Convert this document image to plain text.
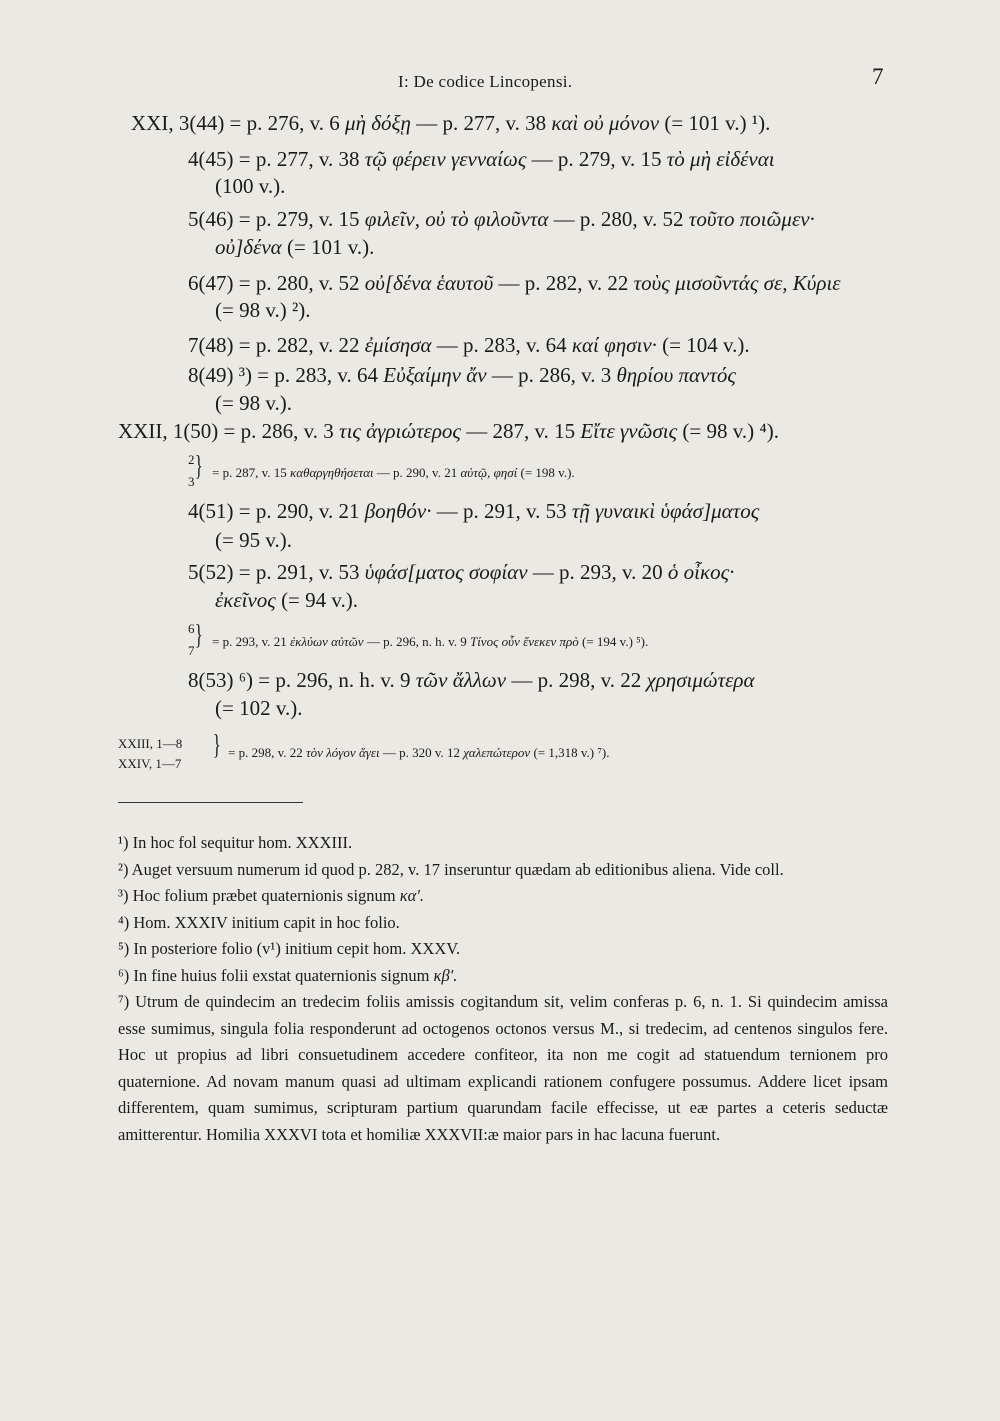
I: De codice Lincopensi.	7
XXI, 3(44) = p. 276, v. 6 μὴ δόξῃ — p. 277, v. 38 καὶ οὐ μόνον (= 101 v.) ¹).
4(45) = p. 277, v. 38 τῷ φέρειν γενναίως — p. 279, v. 15 τὸ μὴ εἰδέναι
(100 v.).
5(46) = p. 279, v. 15 φιλεῖν, οὐ τὸ φιλοῦντα — p. 280, v. 52 τοῦτο ποιῶμεν·
οὐ]δένα (= 101 v.).
6(47) = p. 280, v. 52 οὐ[δένα ἑαυτοῦ — p. 282, v. 22 τοὺς μισοῦντάς σε, Κύριε
(= 98 v.) ²).
7(48) = p. 282, v. 22 ἐμίσησα — p. 283, v. 64 καί φησιν· (= 104 v.).
8(49) ³) = p. 283, v. 64 Εὐξαίμην ἄν — p. 286, v. 3 θηρίου παντός
(= 98 v.).
XXII, 1(50) = p. 286, v. 3 τις ἀγριώτερος — 287, v. 15 Εἴτε γνῶσις (= 98 v.) ⁴).
2
3 } = p. 287, v. 15 καθαργηθήσεται — p. 290, v. 21 αὐτῷ, φησί (= 198 v.).
4(51) = p. 290, v. 21 βοηθόν· — p. 291, v. 53 τῇ γυναικὶ ὑφάσ]ματος
(= 95 v.).
5(52) = p. 291, v. 53 ὑφάσ[ματος σοφίαν — p. 293, v. 20 ὁ οἶκος·
ἐκεῖνος (= 94 v.).
6
7 } = p. 293, v. 21 ἐκλύων αὐτῶν — p. 296, n. h. v. 9 Τίνος οὖν ἕνεκεν πρὸ (= 194 v.) ⁵).
8(53) ⁶) = p. 296, n. h. v. 9 τῶν ἄλλων — p. 298, v. 22 χρησιμώτερα
(= 102 v.).
XXIII, 1—8
XXIV, 1—7
} = p. 298, v. 22 τὸν λόγον ἄγει — p. 320 v. 12 χαλεπώτερον (= 1,318 v.) ⁷).
¹) In hoc fol sequitur hom. XXXIII.
²) Auget versuum numerum id quod p. 282, v. 17 inseruntur quædam ab editionibus aliena. Vide coll.
³) Hoc folium præbet quaternionis signum κα'.
⁴) Hom. XXXIV initium capit in hoc folio.
⁵) In posteriore folio (v¹) initium cepit hom. XXXV.
⁶) In fine huius folii exstat quaternionis signum κβ'.
⁷) Utrum de quindecim an tredecim foliis amissis cogitandum sit, velim conferas p. 6, n. 1. Si quindecim amissa esse sumimus, singula folia responderunt ad octogenos octonos versus M., si tredecim, ad centenos singulos fere. Hoc ut propius ad libri consuetudinem accedere confiteor, ita non me cogit ad statuendum ternionem pro quaternione. Ad novam manum quasi ad ultimam explicandi rationem confugere possumus. Addere licet ipsam differentem, quam sumimus, scripturam partium quarundam facile effecisse, ut eæ partes a ceteris seductæ amitterentur. Homilia XXXVI tota et homiliæ XXXVII:æ maior pars in hac lacuna fuerunt.
